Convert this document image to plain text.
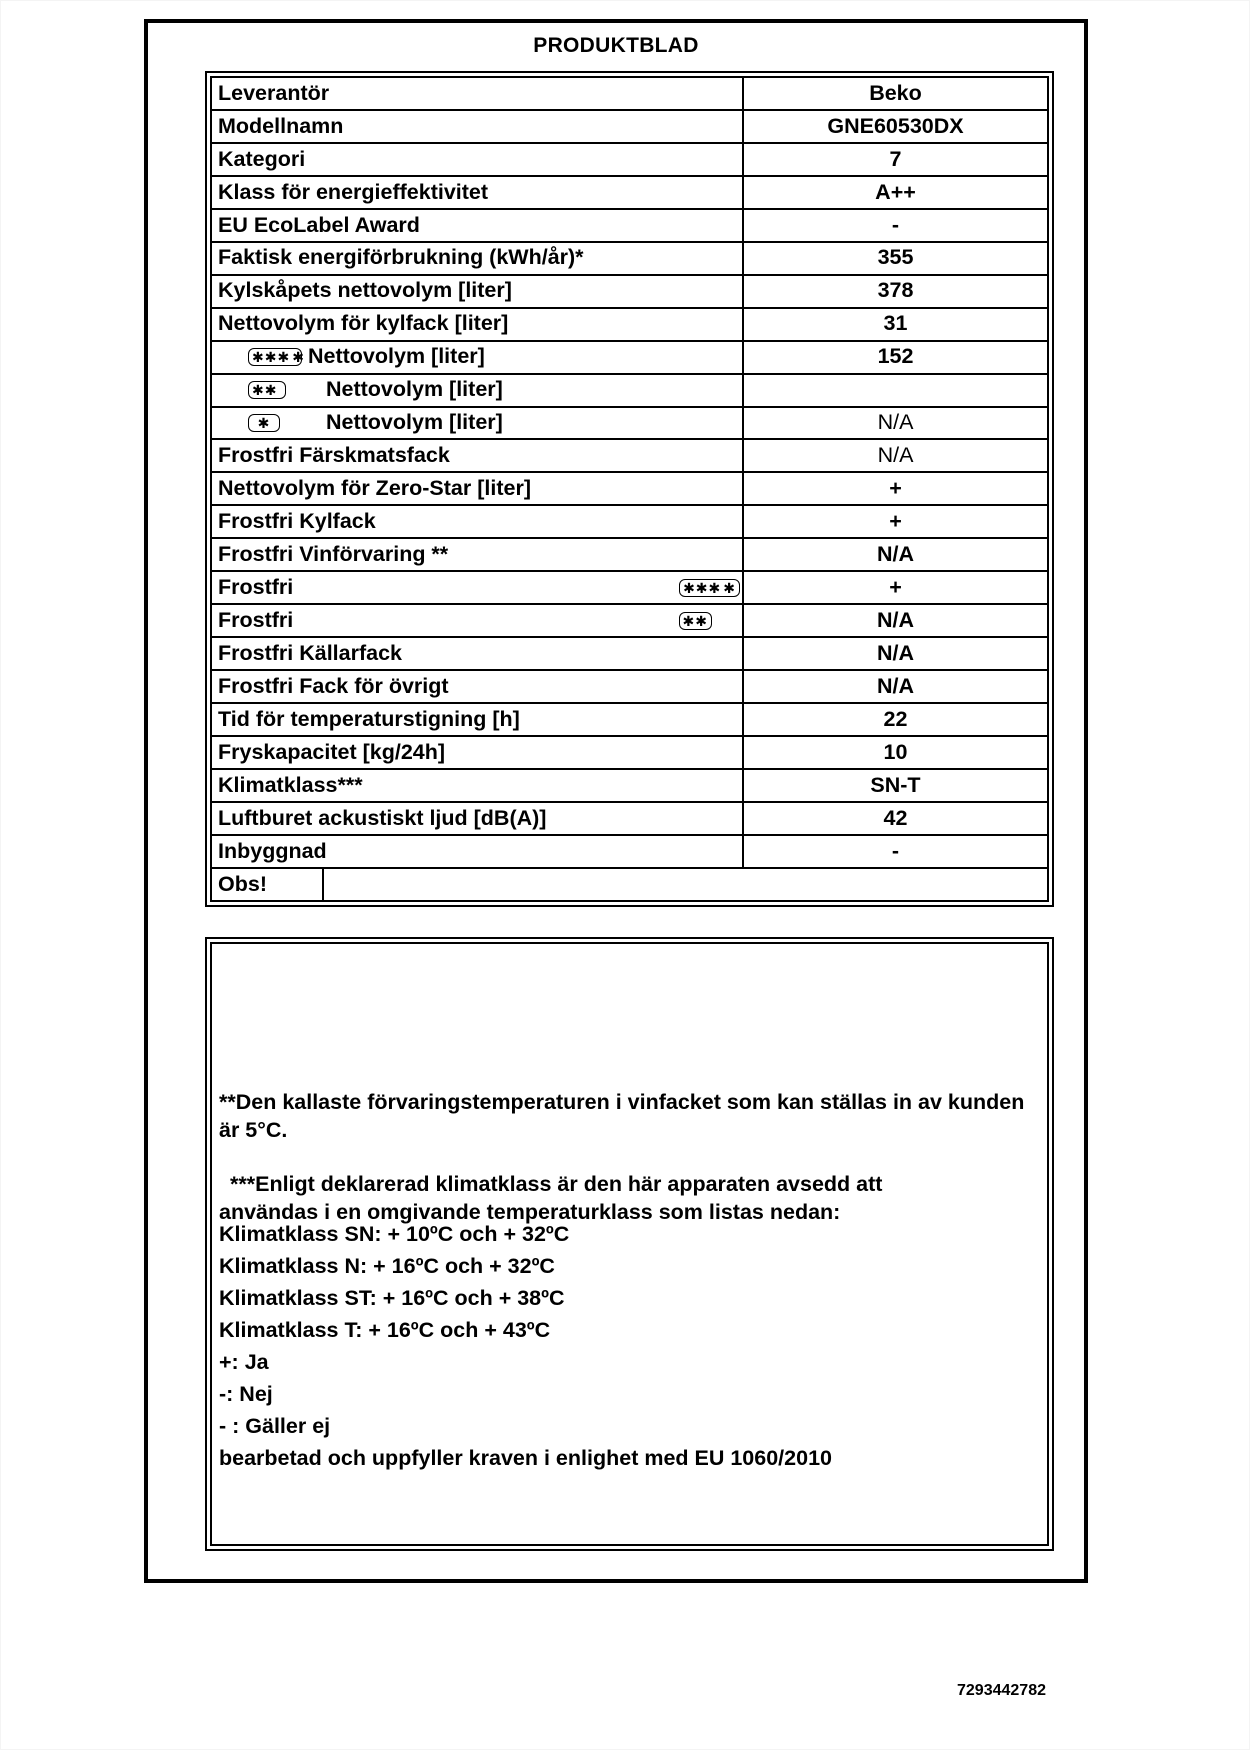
PRODUKTBLAD
Leverantör	Beko
Modellnamn	GNE60530DX
Kategori	7
Klass för energieffektivitet	A++
EU EcoLabel Award	-
Faktisk energiförbrukning (kWh/år)*	355
Kylskåpets nettovolym [liter]	378
Nettovolym för kylfack [liter]	31

✱✱✱ ✱ Nettovolym [liter]	152

✱✱ Nettovolym [liter]	

✱ Nettovolym [liter]	N/A
Frostfri Färskmatsfack	N/A
Nettovolym för Zero-Star [liter]	+
Frostfri Kylfack	+
Frostfri Vinförvaring **	N/A

Frostfri ✱✱✱ ✱	+

Frostfri ✱✱	N/A
Frostfri Källarfack	N/A
Frostfri Fack för övrigt	N/A
Tid för temperaturstigning [h]	22
Fryskapacitet [kg/24h]	10
Klimatklass***	SN-T
Luftburet ackustiskt ljud [dB(A)]	42
Inbyggnad	-

Obs!	
**Den kallaste förvaringstemperaturen i vinfacket som kan ställas in av kunden är 5°C.
***Enligt deklarerad klimatklass är den här apparaten avsedd att
användas i en omgivande temperaturklass som listas nedan:
Klimatklass SN: + 10ºC och + 32ºC
Klimatklass N: + 16ºC och + 32ºC
Klimatklass ST: + 16ºC och + 38ºC
Klimatklass T: + 16ºC och + 43ºC
+: Ja
-: Nej
- : Gäller ej
bearbetad och uppfyller kraven i enlighet med EU 1060/2010
7293442782
